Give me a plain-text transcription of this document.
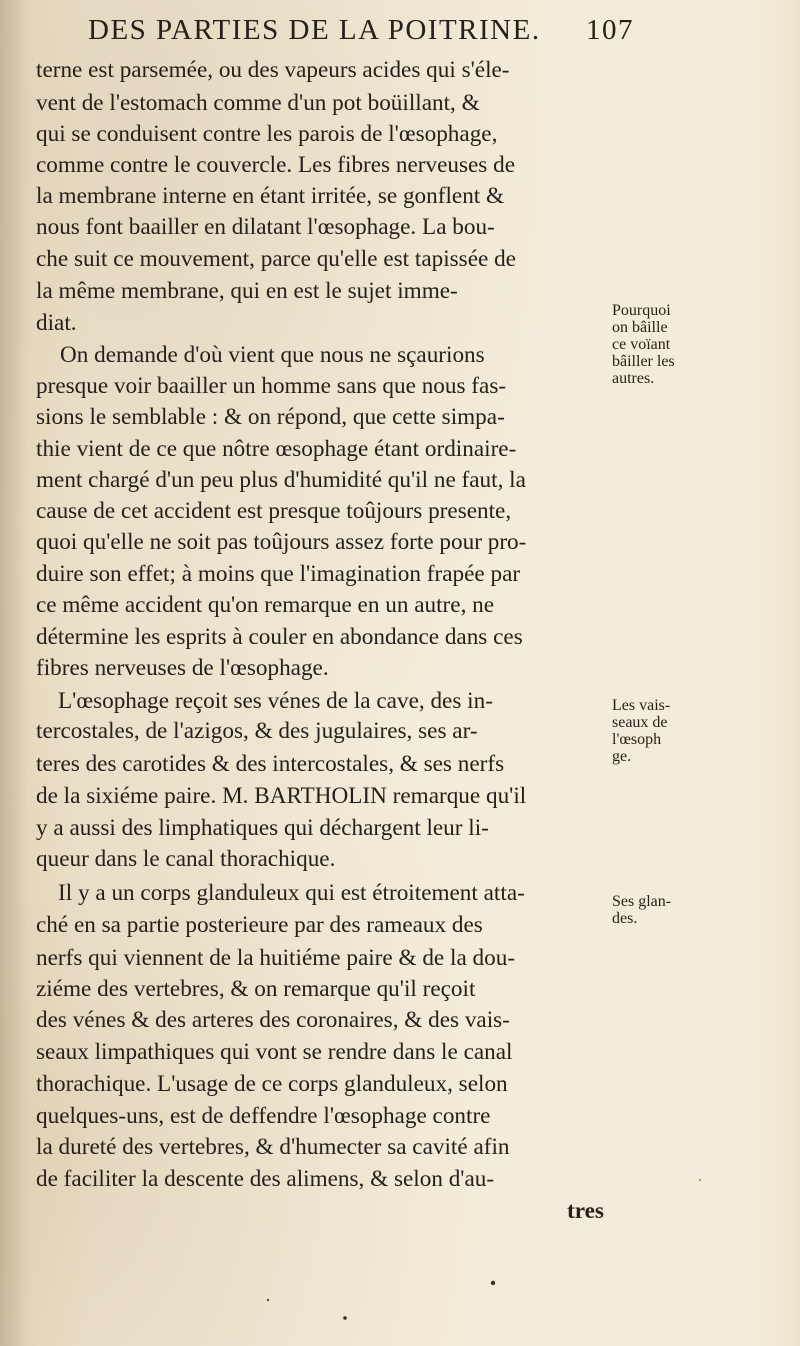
DES PARTIES DE LA POITRINE. 107
terne est parsemée, ou des vapeurs acides qui s'éle-
vent de l'estomach comme d'un pot boüillant, &
qui se conduisent contre les parois de l'œsophage,
comme contre le couvercle. Les fibres nerveuses de
la membrane interne en étant irritée, se gonflent &
nous font baailler en dilatant l'œsophage. La bou-
che suit ce mouvement, parce qu'elle est tapissée de
la même membrane, qui en est le sujet imme-
diat.
On demande d'où vient que nous ne sçaurions
presque voir baailler un homme sans que nous fas-
sions le semblable : & on répond, que cette simpa-
thie vient de ce que nôtre œsophage étant ordinaire-
ment chargé d'un peu plus d'humidité qu'il ne faut, la
cause de cet accident est presque toûjours presente,
quoi qu'elle ne soit pas toûjours assez forte pour pro-
duire son effet; à moins que l'imagination frapée par
ce même accident qu'on remarque en un autre, ne
détermine les esprits à couler en abondance dans ces
fibres nerveuses de l'œsophage.
L'œsophage reçoit ses vénes de la cave, des in-
tercostales, de l'azigos, & des jugulaires, ses ar-
teres des carotides & des intercostales, & ses nerfs
de la sixiéme paire. M. BARTHOLIN remarque qu'il
y a aussi des limphatiques qui déchargent leur li-
queur dans le canal thorachique.
Il y a un corps glanduleux qui est étroitement atta-
ché en sa partie posterieure par des rameaux des
nerfs qui viennent de la huitiéme paire & de la dou-
ziéme des vertebres, & on remarque qu'il reçoit
des vénes & des arteres des coronaires, & des vais-
seaux limpathiques qui vont se rendre dans le canal
thorachique. L'usage de ce corps glanduleux, selon
quelques-uns, est de deffendre l'œsophage contre
la dureté des vertebres, & d'humecter sa cavité afin
de faciliter la descente des alimens, & selon d'au-
tres
Pourquoi
on bâille
ce voïant
bâiller les
autres.
Les vais-
seaux de
l'œsoph
ge.
Ses glan-
des.
